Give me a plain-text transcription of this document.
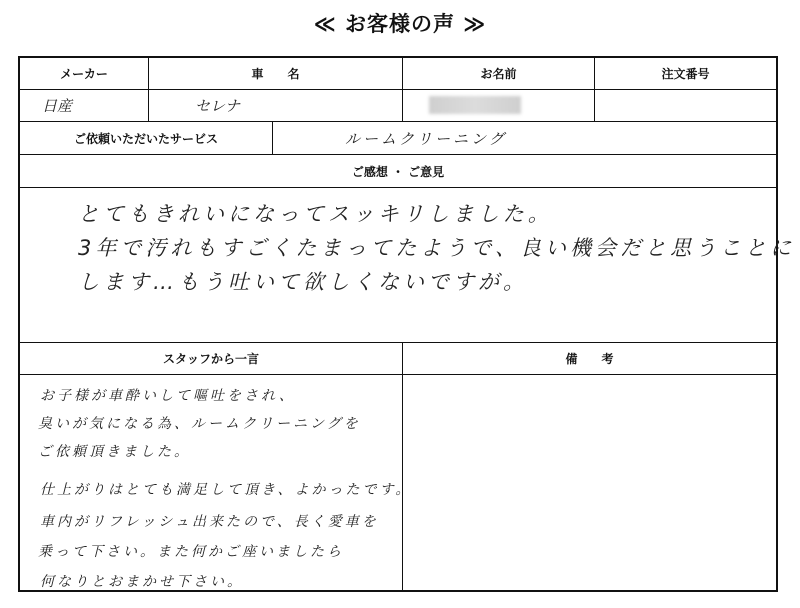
≪ お客様の声 ≫
メーカー	車　　名	お名前	注文番号
日産	セレナ
ご依頼いただいたサービス	ルームクリーニング
ご感想 ・ ご意見
とてもきれいになってスッキリしました。
3年で汚れもすごくたまってたようで、良い機会だと思うことに
します…もう吐いて欲しくないですが。
スタッフから一言	備　　考
お子様が車酔いして嘔吐をされ、
臭いが気になる為、ルームクリーニングを
ご依頼頂きました。
仕上がりはとても満足して頂き、よかったです。
車内がリフレッシュ出来たので、長く愛車を
乗って下さい。また何かご座いましたら
何なりとおまかせ下さい。
